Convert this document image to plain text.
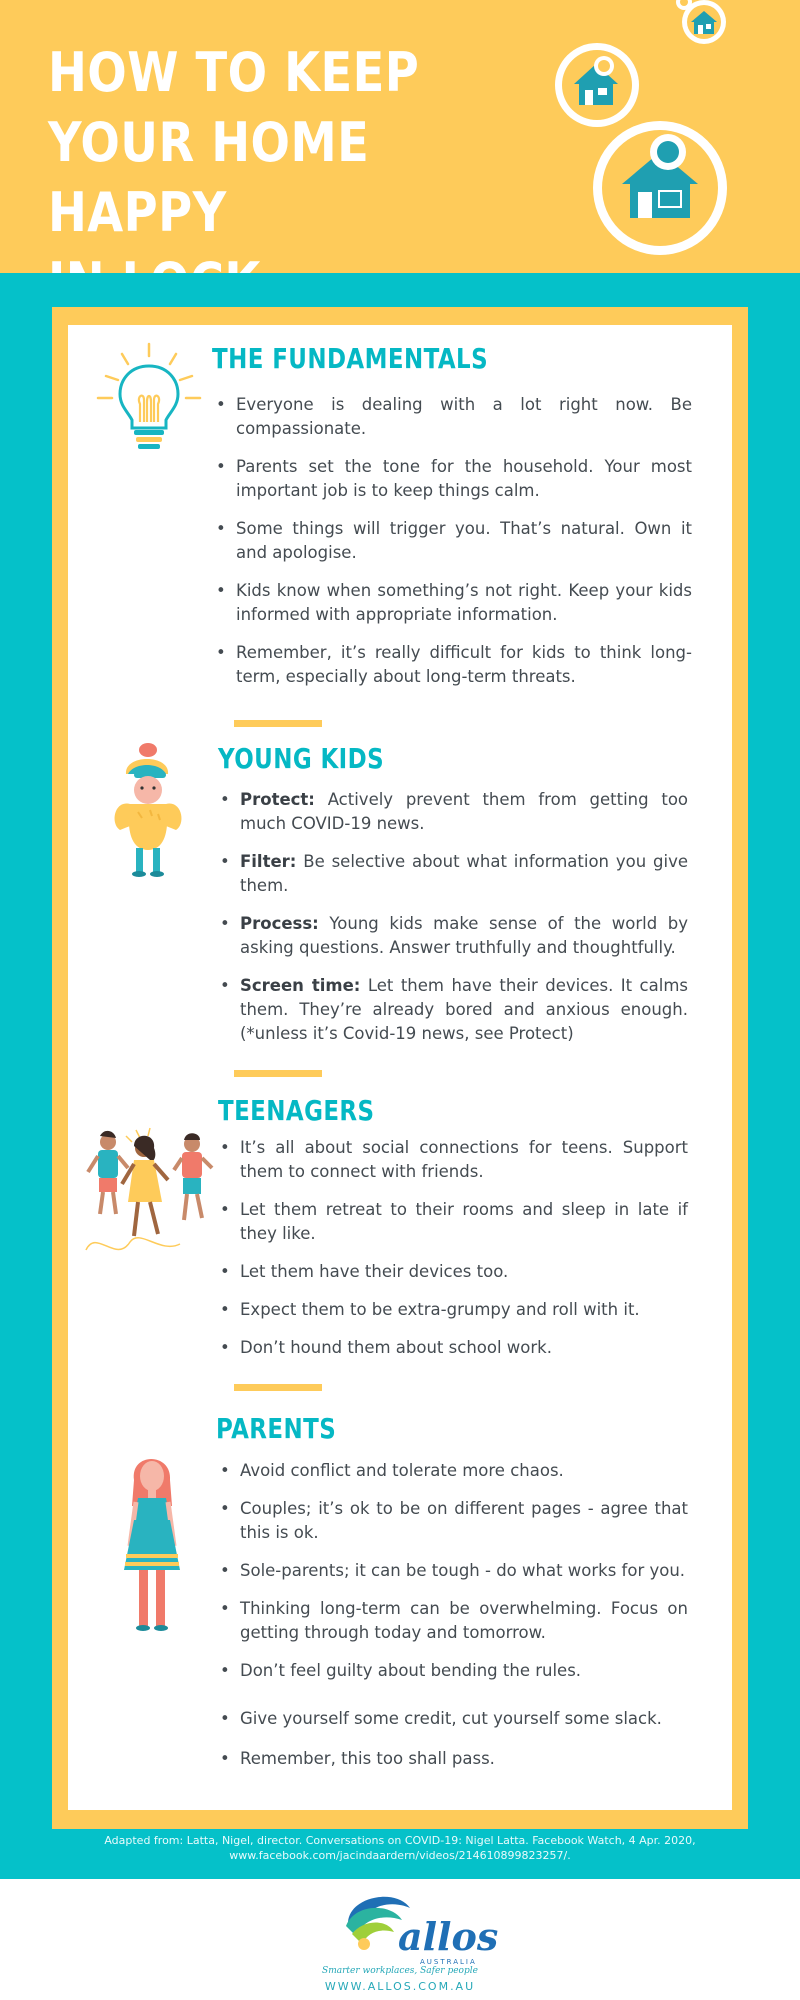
HOW TO KEEP
YOUR HOME HAPPY
THE FUNDAMENTALS
• Everyone is dealing with a lot right now. Be compassionate.
• Parents set the tone for the household. Your most important job is to keep things calm.
• Some things will trigger you. That’s natural. Own it and apologise.
• Kids know when something’s not right. Keep your kids informed with appropriate information.
• Remember, it’s really difficult for kids to think long-term, especially about long-term threats.
YOUNG KIDS
• Protect: Actively prevent them from getting too much COVID-19 news.
• Filter: Be selective about what information you give them.
• Process: Young kids make sense of the world by asking questions. Answer truthfully and thoughtfully.
• Screen time: Let them have their devices. It calms them. They’re already bored and anxious enough. (*unless it’s Covid-19 news, see Protect)
TEENAGERS
• It’s all about social connections for teens. Support them to connect with friends.
• Let them retreat to their rooms and sleep in late if they like.
• Let them have their devices too.
• Expect them to be extra-grumpy and roll with it.
• Don’t hound them about school work.
PARENTS
• Avoid conflict and tolerate more chaos.
• Couples; it’s ok to be on different pages - agree that this is ok.
• Sole-parents; it can be tough - do what works for you.
• Thinking long-term can be overwhelming. Focus on getting through today and tomorrow.
• Don’t feel guilty about bending the rules.
• Give yourself some credit, cut yourself some slack.
• Remember, this too shall pass.
Adapted from: Latta, Nigel, director. Conversations on COVID-19: Nigel Latta. Facebook Watch, 4 Apr. 2020,
www.facebook.com/jacindaardern/videos/214610899823257/.
allos
AUSTRALIA
Smarter workplaces, Safer people
WWW.ALLOS.COM.AU
